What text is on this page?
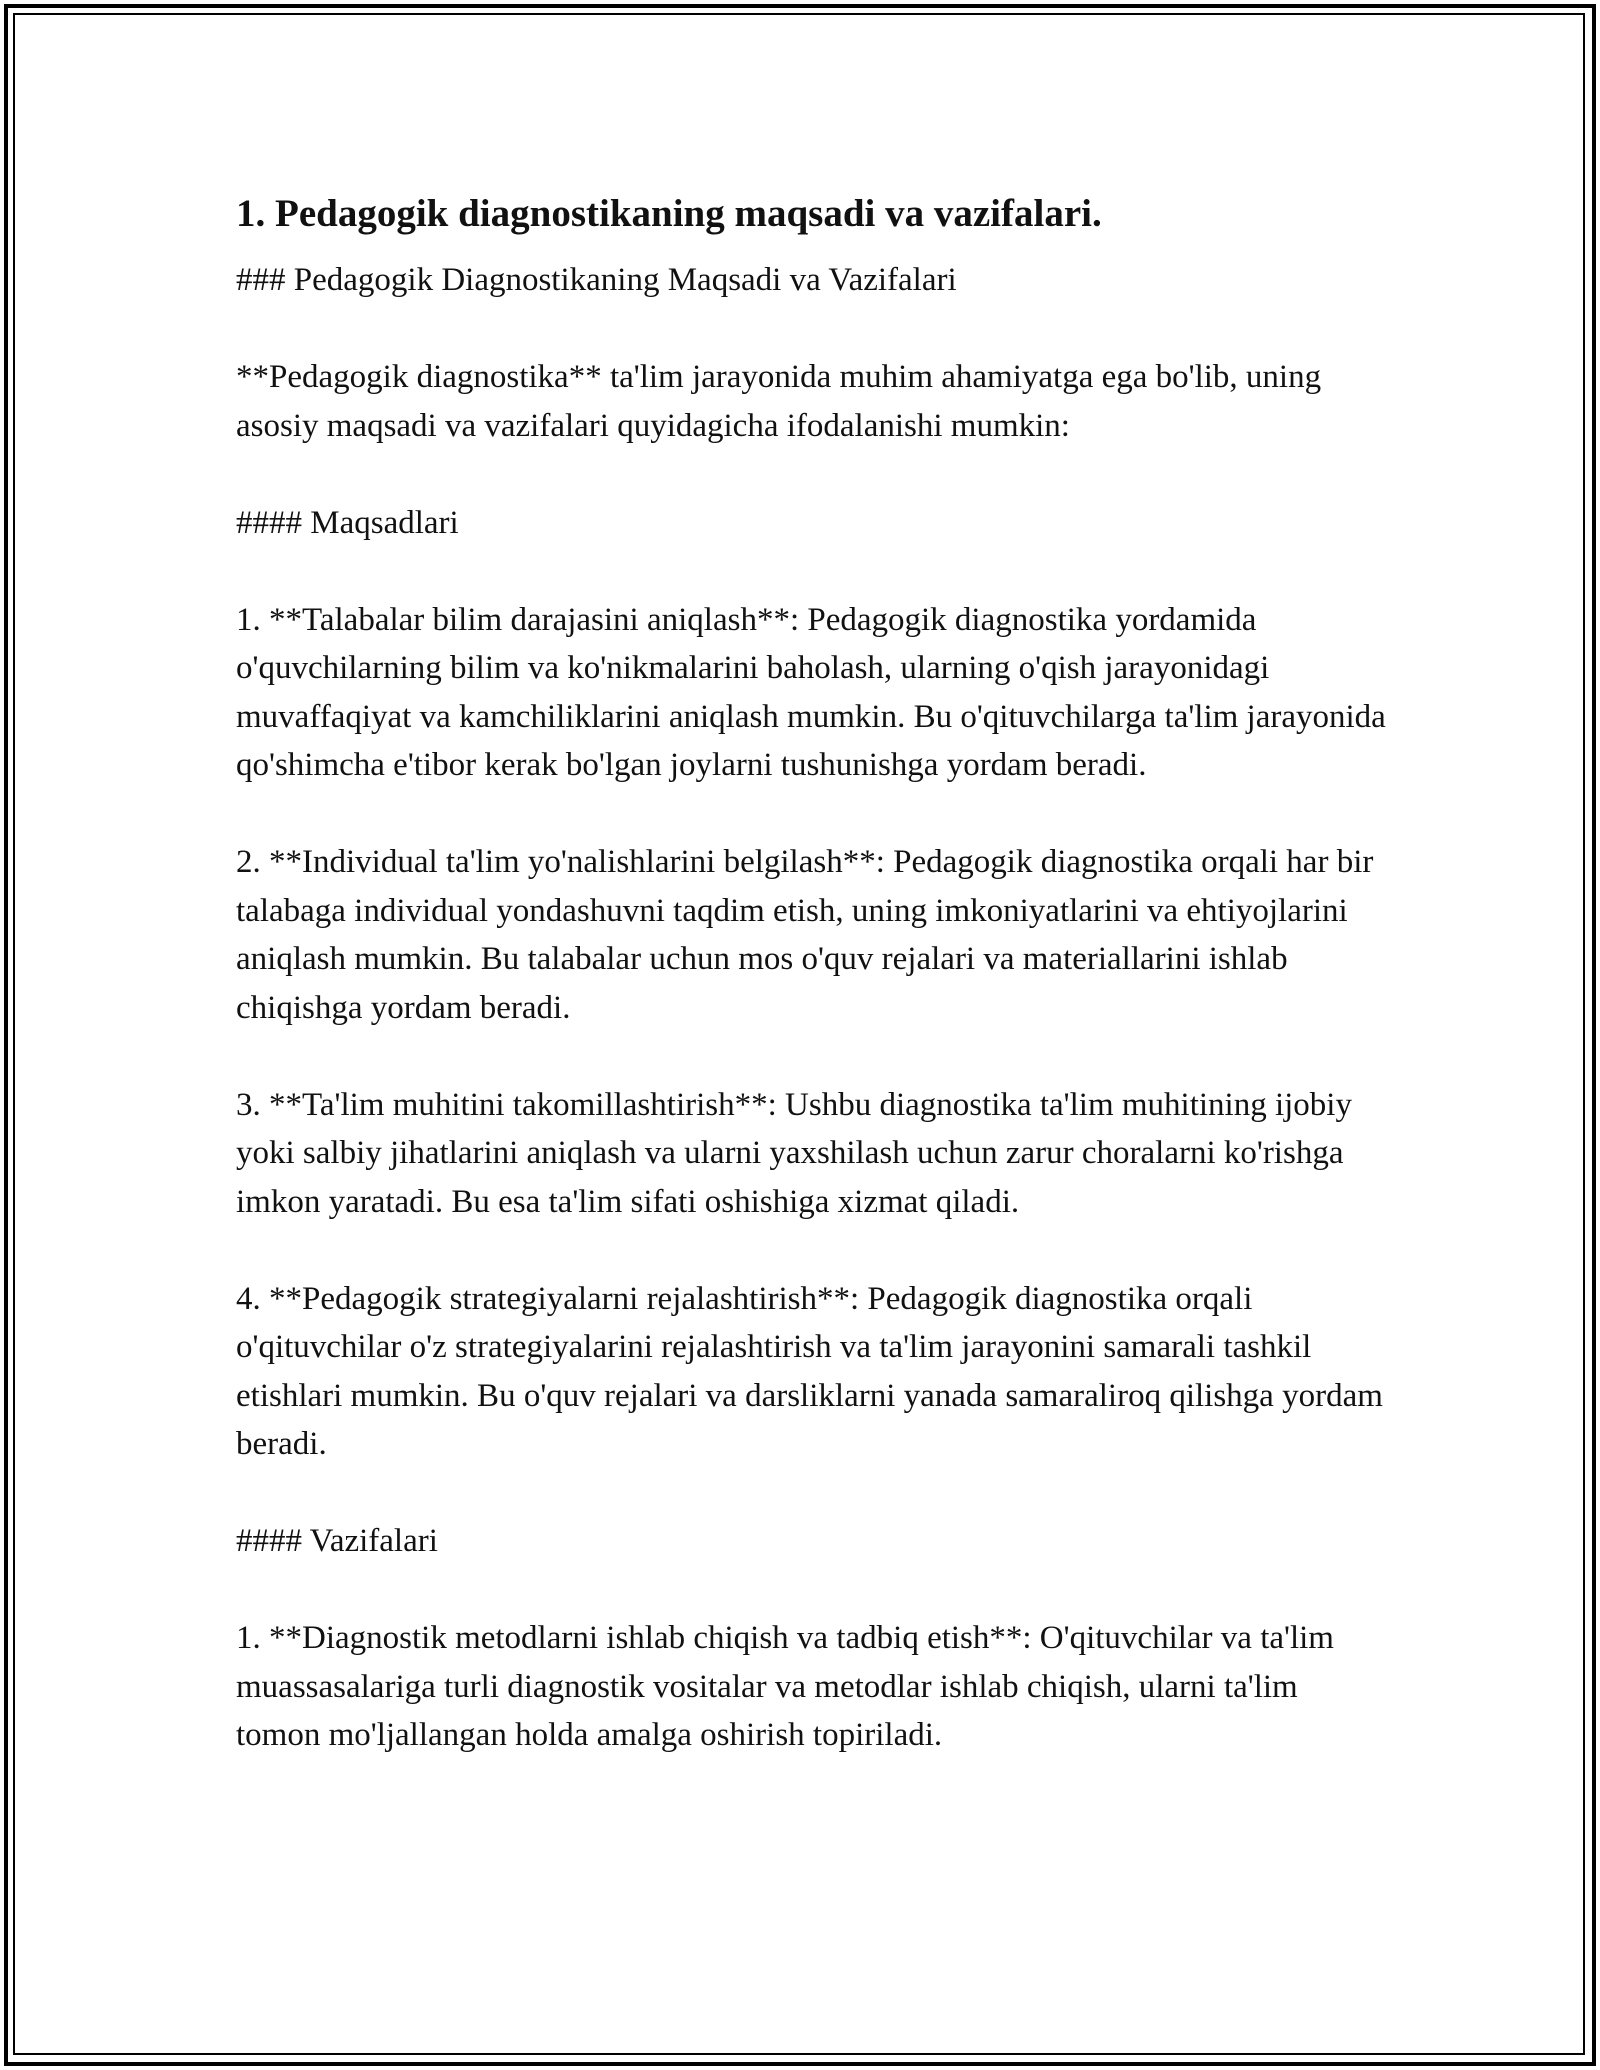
1. Pedagogik diagnostikaning maqsadi va vazifalari.

### Pedagogik Diagnostikaning Maqsadi va Vazifalari

**Pedagogik diagnostika** ta'lim jarayonida muhim ahamiyatga ega bo'lib, uning asosiy maqsadi va vazifalari quyidagicha ifodalanishi mumkin:

#### Maqsadlari

1. **Talabalar bilim darajasini aniqlash**: Pedagogik diagnostika yordamida o'quvchilarning bilim va ko'nikmalarini baholash, ularning o'qish jarayonidagi muvaffaqiyat va kamchiliklarini aniqlash mumkin. Bu o'qituvchilarga ta'lim jarayonida qo'shimcha e'tibor kerak bo'lgan joylarni tushunishga yordam beradi.

2. **Individual ta'lim yo'nalishlarini belgilash**: Pedagogik diagnostika orqali har bir talabaga individual yondashuvni taqdim etish, uning imkoniyatlarini va ehtiyojlarini aniqlash mumkin. Bu talabalar uchun mos o'quv rejalari va materiallarini ishlab chiqishga yordam beradi.

3. **Ta'lim muhitini takomillashtirish**: Ushbu diagnostika ta'lim muhitining ijobiy yoki salbiy jihatlarini aniqlash va ularni yaxshilash uchun zarur choralarni ko'rishga imkon yaratadi. Bu esa ta'lim sifati oshishiga xizmat qiladi.

4. **Pedagogik strategiyalarni rejalashtirish**: Pedagogik diagnostika orqali o'qituvchilar o'z strategiyalarini rejalashtirish va ta'lim jarayonini samarali tashkil etishlari mumkin. Bu o'quv rejalari va darsliklarni yanada samaraliroq qilishga yordam beradi.

#### Vazifalari

1. **Diagnostik metodlarni ishlab chiqish va tadbiq etish**: O'qituvchilar va ta'lim muassasalariga turli diagnostik vositalar va metodlar ishlab chiqish, ularni ta'lim tomon mo'ljallangan holda amalga oshirish topiriladi.
